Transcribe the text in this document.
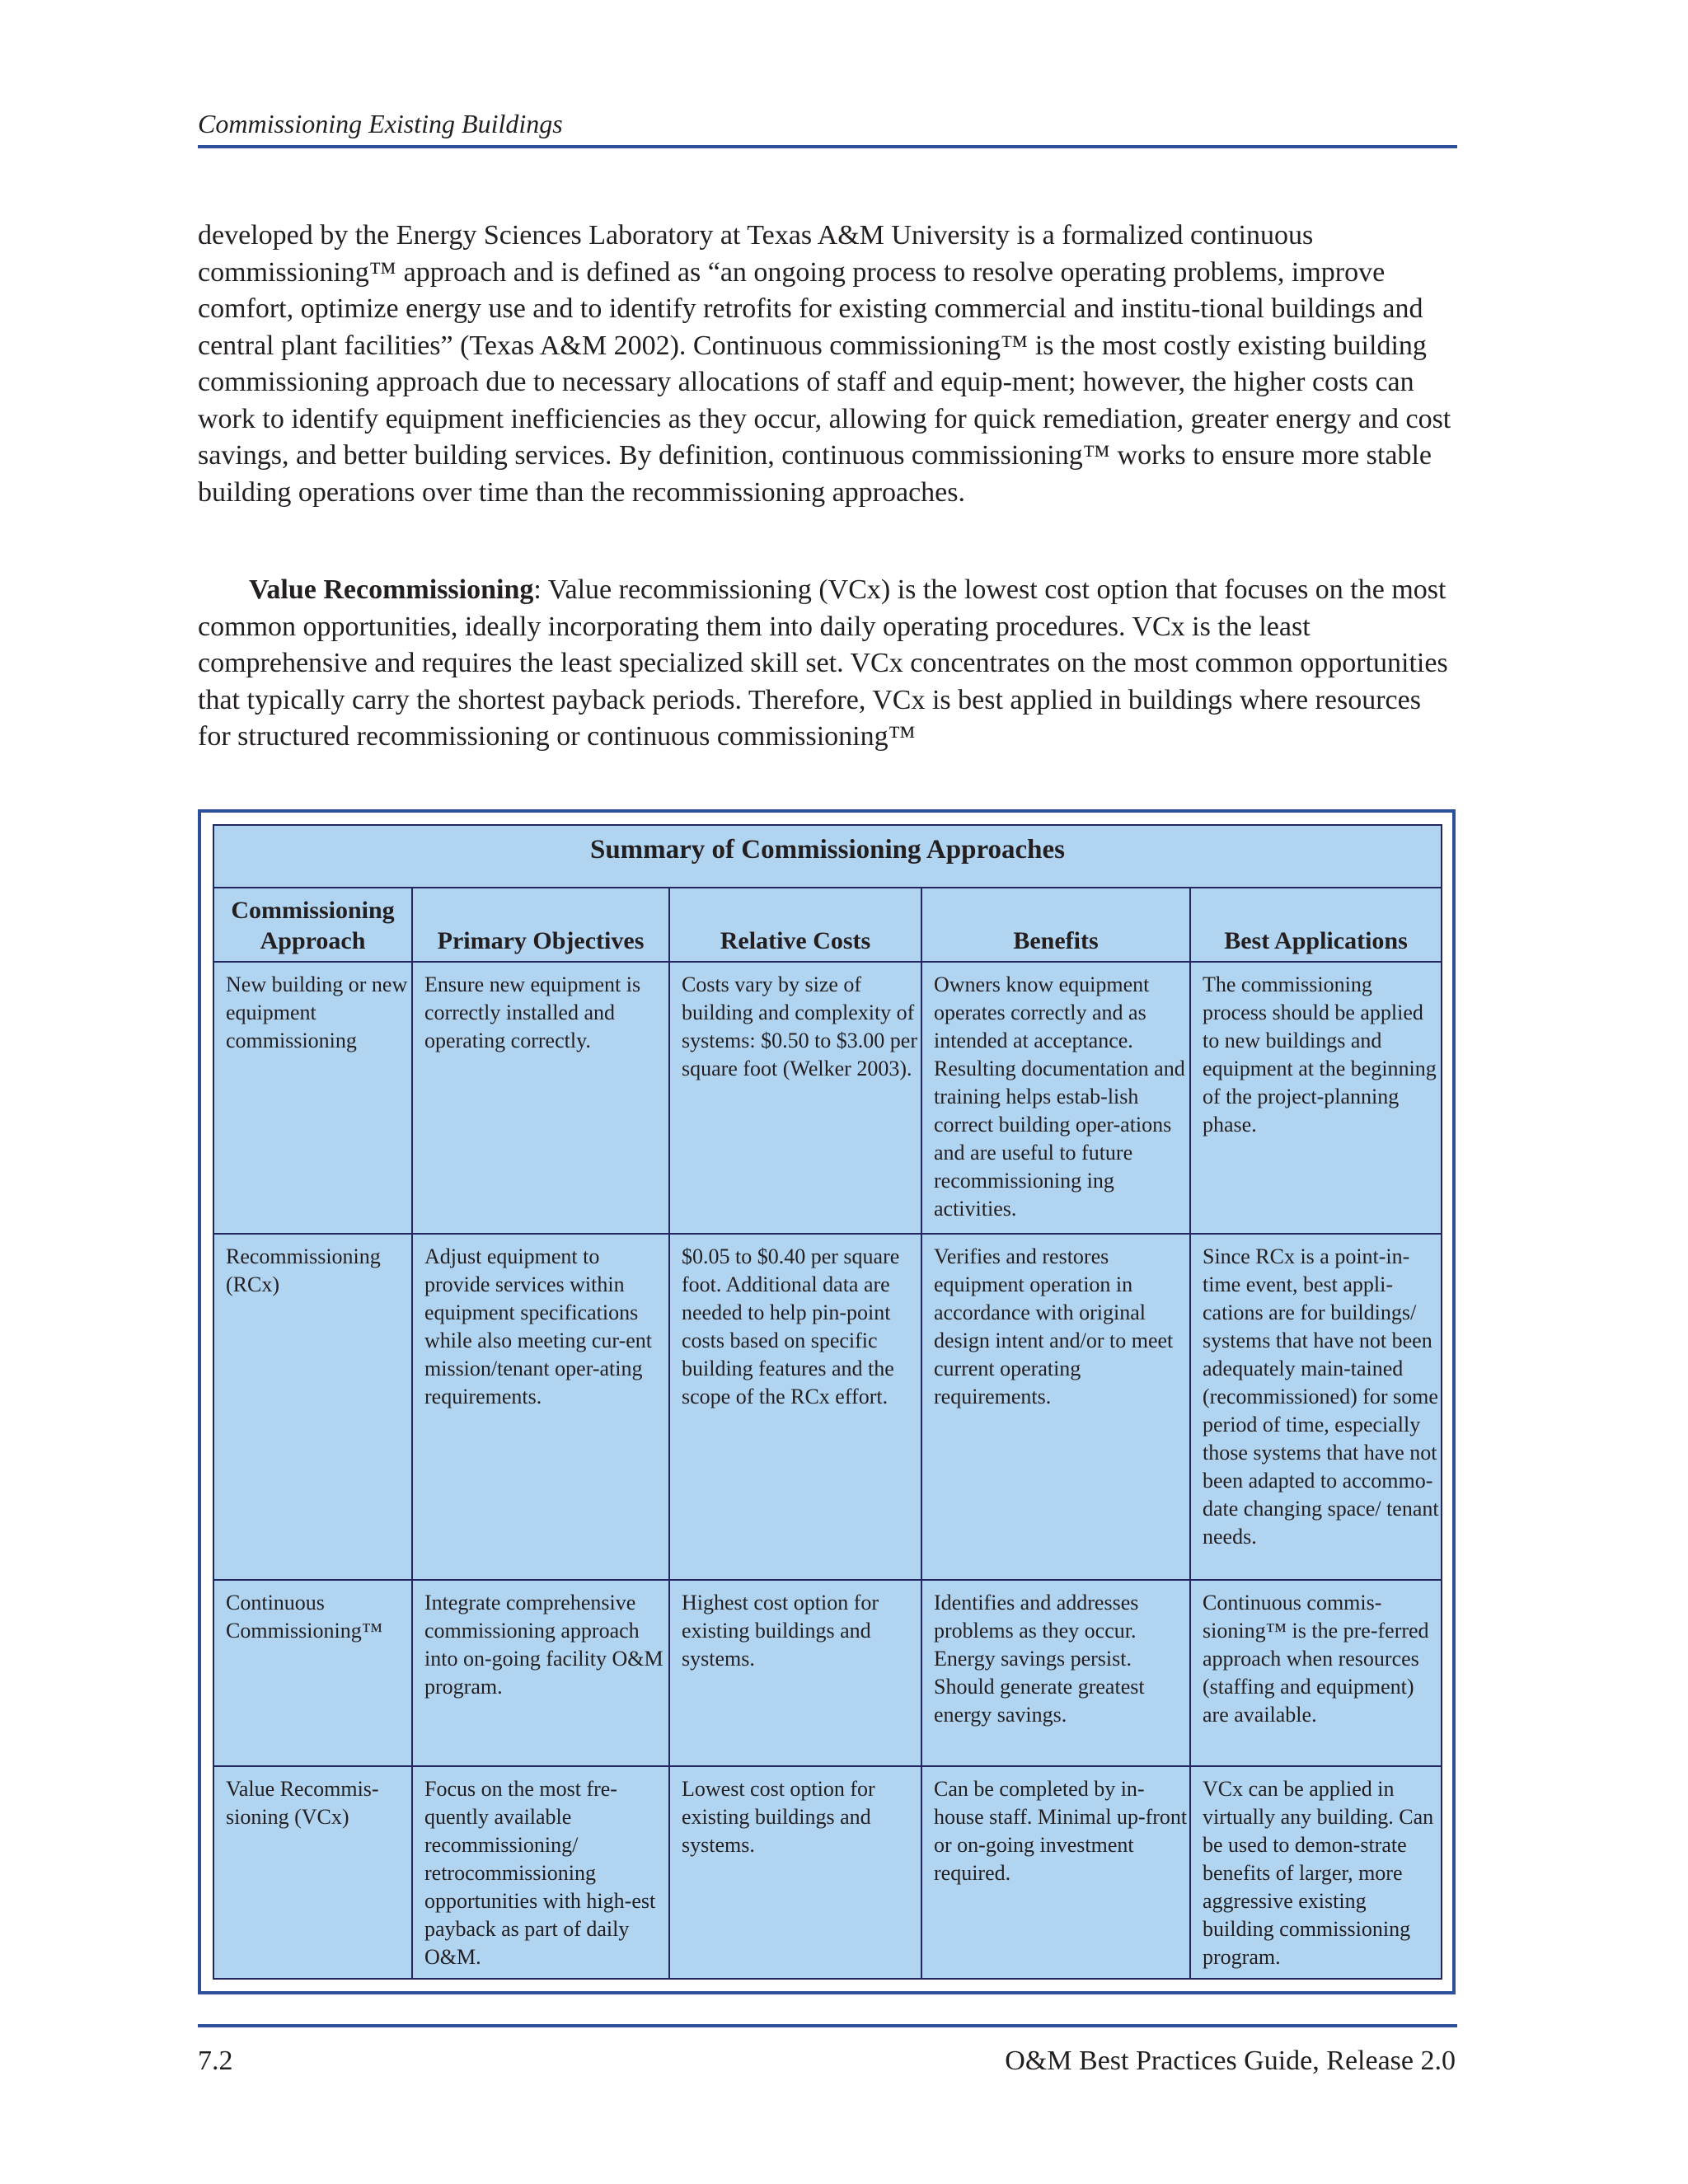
Commissioning Existing Buildings

developed by the Energy Sciences Laboratory at Texas A&M University is a formalized continuous commissioning™ approach and is defined as “an ongoing process to resolve operating problems, improve comfort, optimize energy use and to identify retrofits for existing commercial and institu-tional buildings and central plant facilities” (Texas A&M 2002). Continuous commissioning™ is the most costly existing building commissioning approach due to necessary allocations of staff and equip-ment; however, the higher costs can work to identify equipment inefficiencies as they occur, allowing for quick remediation, greater energy and cost savings, and better building services. By definition, continuous commissioning™ works to ensure more stable building operations over time than the recommissioning approaches.

Value Recommissioning: Value recommissioning (VCx) is the lowest cost option that focuses on the most common opportunities, ideally incorporating them into daily operating procedures. VCx is the least comprehensive and requires the least specialized skill set. VCx concentrates on the most common opportunities that typically carry the shortest payback periods. Therefore, VCx is best applied in buildings where resources for structured recommissioning or continuous commissioning™

Summary of Commissioning Approaches				
Commissioning Approach	Primary Objectives	Relative Costs	Benefits	Best Applications
New building or new equipment commissioning	Ensure new equipment is correctly installed and operating correctly.	Costs vary by size of building and complexity of systems: $0.50 to $3.00 per square foot (Welker 2003).	Owners know equipment operates correctly and as intended at acceptance. Resulting documentation and training helps estab-lish correct building oper-ations and are useful to future recommissioning ing activities.	The commissioning process should be applied to new buildings and equipment at the beginning of the project-planning phase.
Recommissioning (RCx)	Adjust equipment to provide services within equipment specifications while also meeting cur-ent mission/tenant oper-ating requirements.	$0.05 to $0.40 per square foot. Additional data are needed to help pin-point costs based on specific building features and the scope of the RCx effort.	Verifies and restores equipment operation in accordance with original design intent and/or to meet current operating requirements.	Since RCx is a point-in-time event, best appli-cations are for buildings/ systems that have not been adequately main-tained (recommissioned) for some period of time, especially those systems that have not been adapted to accommo-date changing space/ tenant needs.
Continuous Commissioning™	Integrate comprehensive commissioning approach into on-going facility O&M program.	Highest cost option for existing buildings and systems.	Identifies and addresses problems as they occur. Energy savings persist. Should generate greatest energy savings.	Continuous commis-sioning™ is the pre-ferred approach when resources (staffing and equipment) are available.
Value Recommis-sioning (VCx)	Focus on the most fre-quently available recommissioning/ retrocommissioning opportunities with high-est payback as part of daily O&M.	Lowest cost option for existing buildings and systems.	Can be completed by in-house staff. Minimal up-front or on-going investment required.	VCx can be applied in virtually any building. Can be used to demon-strate benefits of larger, more aggressive existing building commissioning program.
7.2	O&M Best Practices Guide, Release 2.0
